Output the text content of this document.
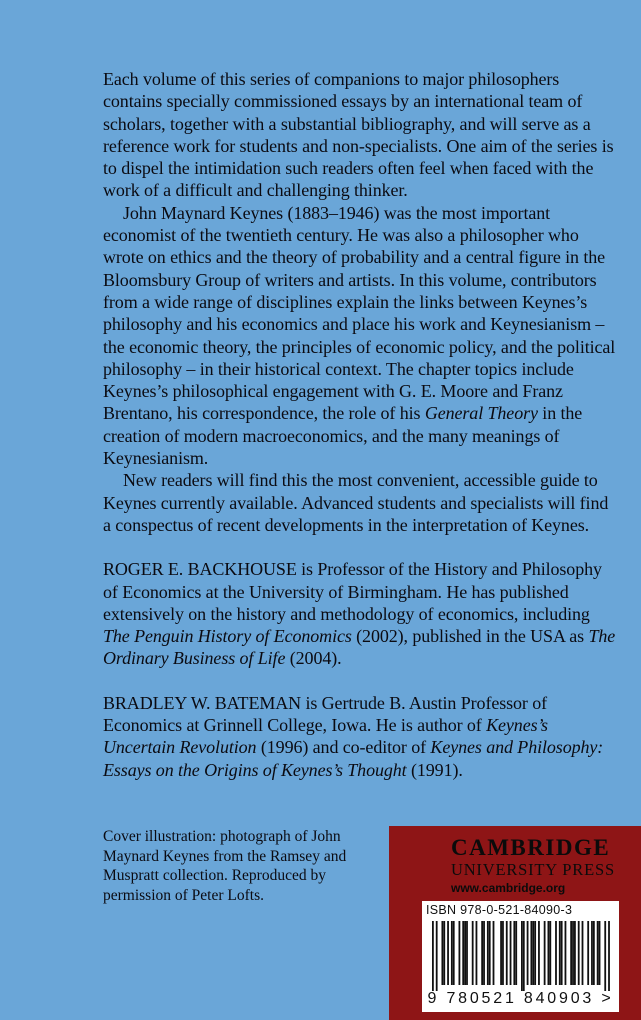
Each volume of this series of companions to major philosophers contains specially commissioned essays by an international team of scholars, together with a substantial bibliography, and will serve as a reference work for students and non-specialists. One aim of the series is to dispel the intimidation such readers often feel when faced with the work of a difficult and challenging thinker.

John Maynard Keynes (1883–1946) was the most important economist of the twentieth century. He was also a philosopher who wrote on ethics and the theory of probability and a central figure in the Bloomsbury Group of writers and artists. In this volume, contributors from a wide range of disciplines explain the links between Keynes’s philosophy and his economics and place his work and Keynesianism – the economic theory, the principles of economic policy, and the political philosophy – in their historical context. The chapter topics include Keynes’s philosophical engagement with G. E. Moore and Franz Brentano, his correspondence, the role of his General Theory in the creation of modern macroeconomics, and the many meanings of Keynesianism.

New readers will find this the most convenient, accessible guide to Keynes currently available. Advanced students and specialists will find a conspectus of recent developments in the interpretation of Keynes.

ROGER E. BACKHOUSE is Professor of the History and Philosophy of Economics at the University of Birmingham. He has published extensively on the history and methodology of economics, including The Penguin History of Economics (2002), published in the USA as The Ordinary Business of Life (2004).

BRADLEY W. BATEMAN is Gertrude B. Austin Professor of Economics at Grinnell College, Iowa. He is author of Keynes’s Uncertain Revolution (1996) and co-editor of Keynes and Philosophy: Essays on the Origins of Keynes’s Thought (1991).

Cover illustration: photograph of John Maynard Keynes from the Ramsey and Muspratt collection. Reproduced by permission of Peter Lofts.
CAMBRIDGE
UNIVERSITY PRESS
www.cambridge.org
ISBN 978-0-521-84090-3
9 780521 840903 >
